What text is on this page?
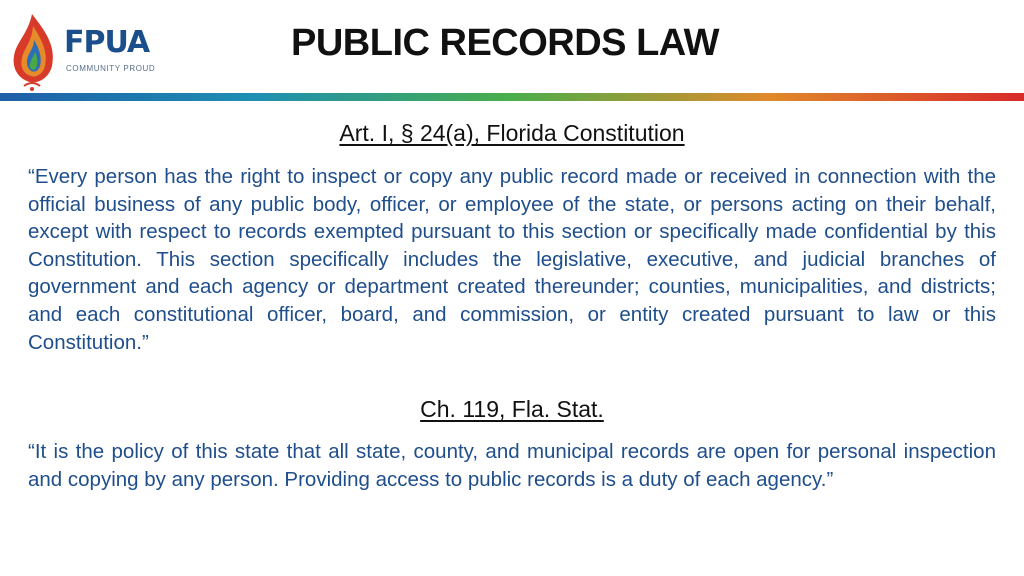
FPUA
COMMUNITY PROUD
PUBLIC RECORDS LAW
Art. I, § 24(a), Florida Constitution
“Every person has the right to inspect or copy any public record made or received in connection with the official business of any public body, officer, or employee of the state, or persons acting on their behalf, except with respect to records exempted pursuant to this section or specifically made confidential by this Constitution. This section specifically includes the legislative, executive, and judicial branches of government and each agency or department created thereunder; counties, municipalities, and districts; and each constitutional officer, board, and commission, or entity created pursuant to law or this Constitution.”
Ch. 119, Fla. Stat.
“It is the policy of this state that all state, county, and municipal records are open for personal inspection and copying by any person. Providing access to public records is a duty of each agency.”
